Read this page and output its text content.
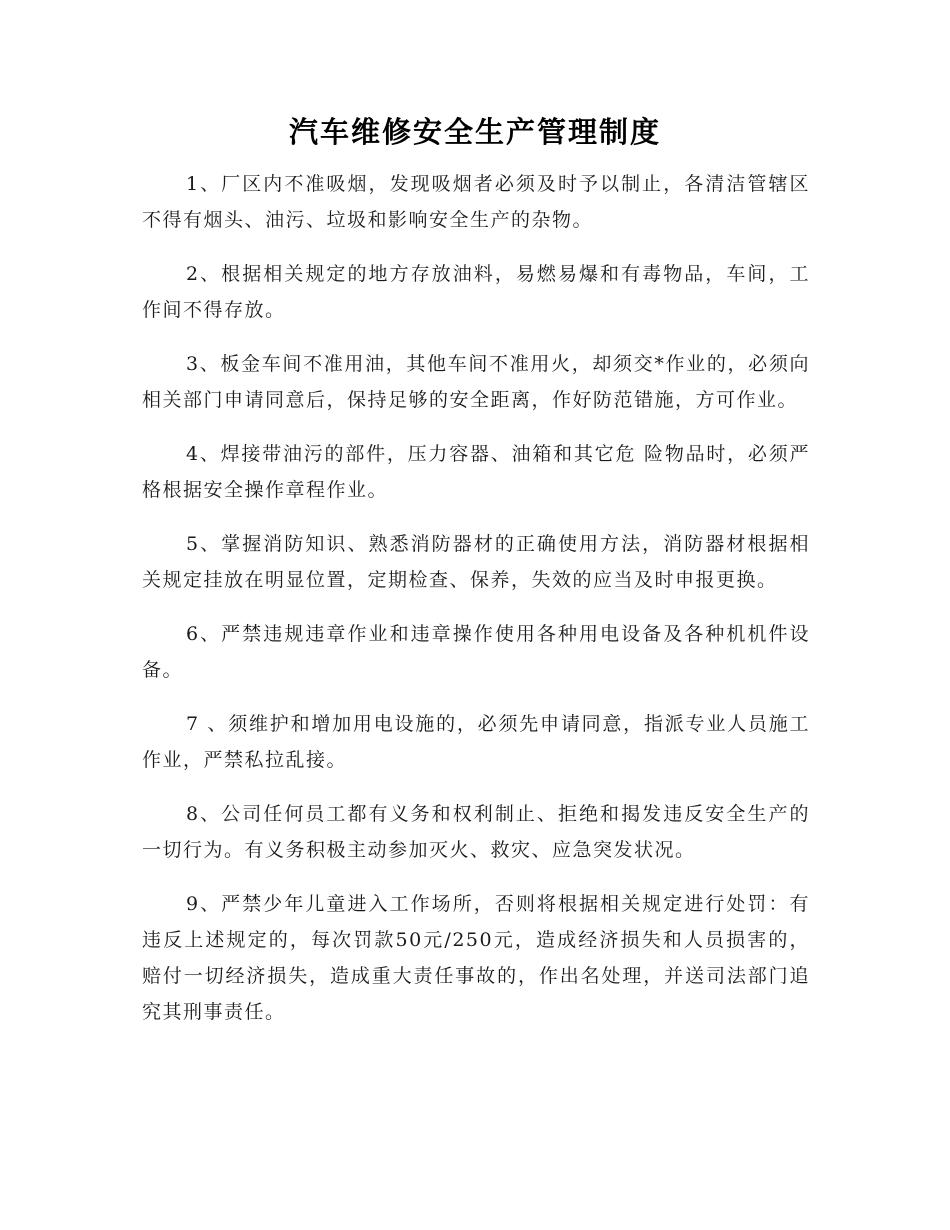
汽车维修安全生产管理制度

1、厂区内不准吸烟，发现吸烟者必须及时予以制止，各清洁管辖区不得有烟头、油污、垃圾和影响安全生产的杂物。

2、根据相关规定的地方存放油料，易燃易爆和有毒物品，车间，工作间不得存放。

3、板金车间不准用油，其他车间不准用火，却须交*作业的，必须向相关部门申请同意后，保持足够的安全距离，作好防范错施，方可作业。

4、焊接带油污的部件，压力容器、油箱和其它危 险物品时，必须严格根据安全操作章程作业。

5、掌握消防知识、熟悉消防器材的正确使用方法，消防器材根据相关规定挂放在明显位置，定期检查、保养，失效的应当及时申报更换。

6、严禁违规违章作业和违章操作使用各种用电设备及各种机机件设备。

7 、须维护和增加用电设施的，必须先申请同意，指派专业人员施工作业，严禁私拉乱接。

8、公司任何员工都有义务和权利制止、拒绝和揭发违反安全生产的一切行为。有义务积极主动参加灭火、救灾、应急突发状况。

9、严禁少年儿童进入工作场所，否则将根据相关规定进行处罚：有违反上述规定的，每次罚款50元/250元，造成经济损失和人员损害的，赔付一切经济损失，造成重大责任事故的，作出名处理，并送司法部门追究其刑事责任。
